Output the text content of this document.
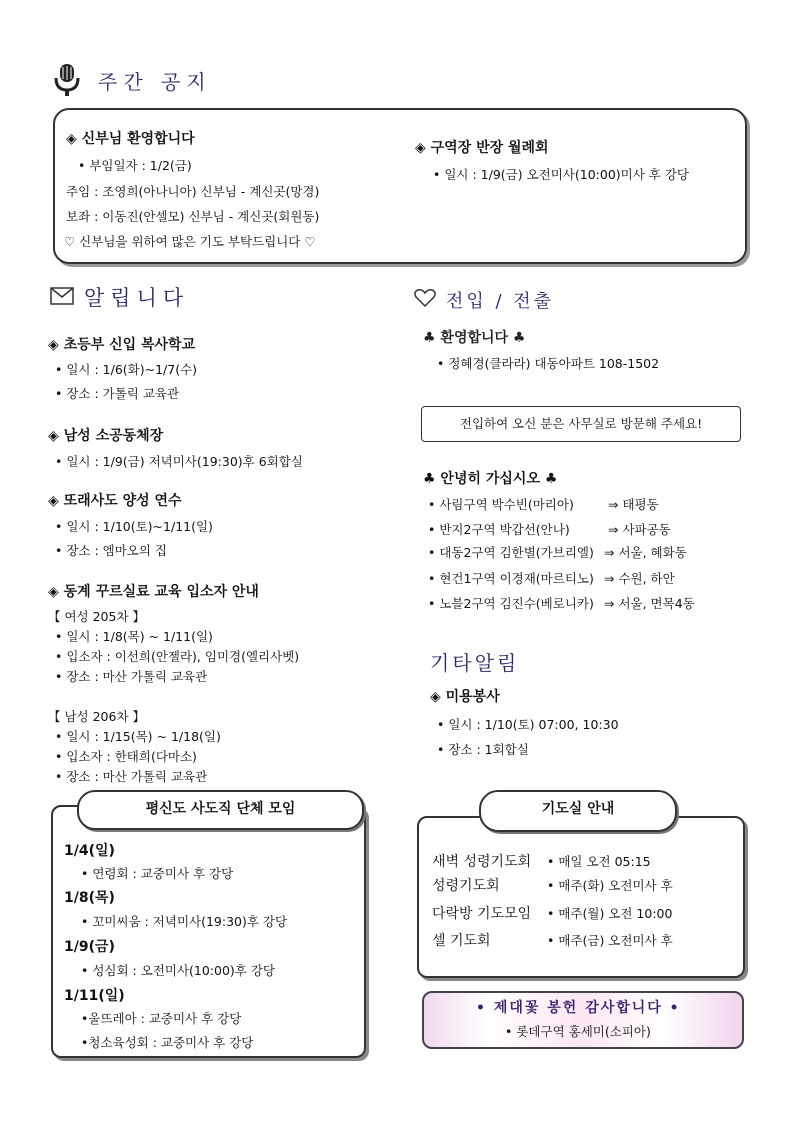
주간 공지
◈ 신부님 환영합니다
• 부임일자 : 1/2(금)
주임 : 조영희(아나니아) 신부님 - 계신곳(망경)
보좌 : 이동진(안셀모) 신부님 - 계신곳(회원동)
♡ 신부님을 위하여 많은 기도 부탁드립니다 ♡
◈ 구역장 반장 월례회
• 일시 : 1/9(금) 오전미사(10:00)미사 후 강당
알립니다
◈ 초등부 신입 복사학교
• 일시 : 1/6(화)~1/7(수)
• 장소 : 가톨릭 교육관
◈ 남성 소공동체장
• 일시 : 1/9(금) 저녁미사(19:30)후 6회합실
◈ 또래사도 양성 연수
• 일시 : 1/10(토)~1/11(일)
• 장소 : 엠마오의 집
◈ 동계 꾸르실료 교육 입소자 안내
【 여성 205차 】
• 일시 : 1/8(목) ~ 1/11(일)
• 입소자 : 이선희(안젤라), 임미경(엘리사벳)
• 장소 : 마산 가톨릭 교육관
【 남성 206차 】
• 일시 : 1/15(목) ~ 1/18(일)
• 입소자 : 한태희(다마소)
• 장소 : 마산 가톨릭 교육관
전입 / 전출
♣ 환영합니다 ♣
• 정혜경(클라라) 대동아파트 108-1502
전입하여 오신 분은 사무실로 방문해 주세요!
♣ 안녕히 가십시오 ♣
• 사림구역 박수빈(마리아)	⇒ 태평동
• 반지2구역 박갑선(안나)	⇒ 사파공동
• 대동2구역 김한별(가브리엘) ⇒ 서울, 혜화동
• 현건1구역 이경재(마르티노) ⇒ 수원, 하안
• 노블2구역 김진수(베로니카) ⇒ 서울, 면목4동
기타알림
◈ 미용봉사
• 일시 : 1/10(토) 07:00, 10:30
• 장소 : 1회합실
평신도 사도직 단체 모임
1/4(일)
• 연령회 : 교중미사 후 강당
1/8(목)
• 꼬미씨움 : 저녁미사(19:30)후 강당
1/9(금)
• 성심회 : 오전미사(10:00)후 강당
1/11(일)
•울뜨레아 : 교중미사 후 강당
•청소육성회 : 교중미사 후 강당
기도실 안내
새벽 성령기도회 • 매일 오전 05:15
성령기도회	• 매주(화) 오전미사 후
다락방 기도모임 • 매주(월) 오전 10:00
셀 기도회	• 매주(금) 오전미사 후
• 제대꽃 봉헌 감사합니다 •
• 롯데구역 홍세미(소피아)
